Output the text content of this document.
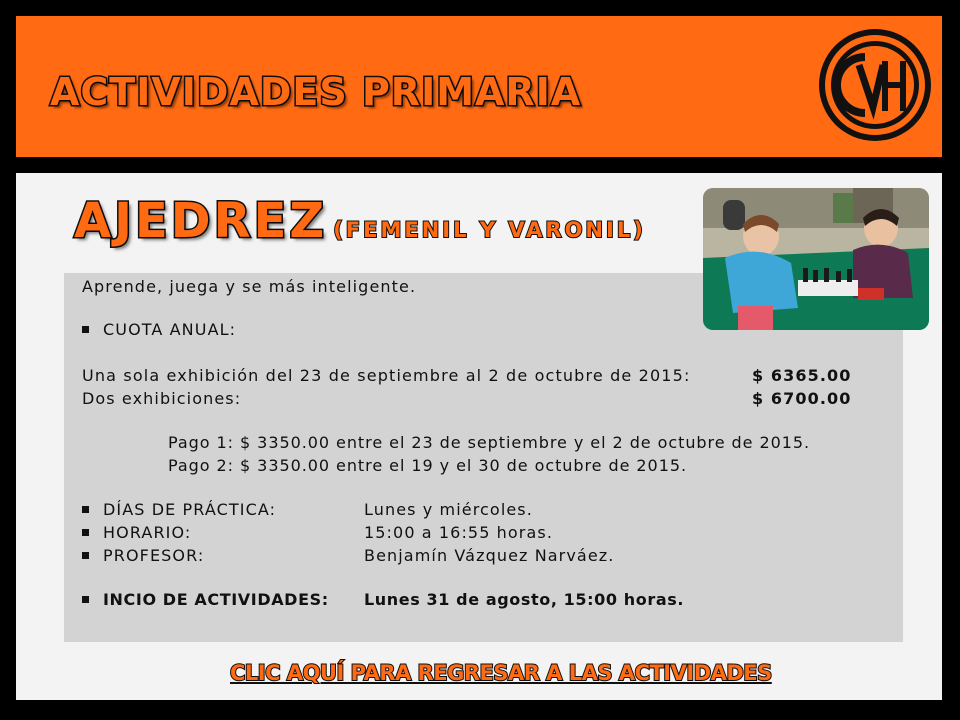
ACTIVIDADES PRIMARIA
AJEDREZ (FEMENIL Y VARONIL)
Aprende, juega y se más inteligente.
CUOTA ANUAL:
Una sola exhibición del 23 de septiembre al 2 de octubre de 2015:	$ 6365.00
Dos exhibiciones:	$ 6700.00
Pago 1: $ 3350.00 entre el 23 de septiembre y el 2 de octubre de 2015.
Pago 2: $ 3350.00 entre el 19 y el 30 de octubre de 2015.
DÍAS DE PRÁCTICA:	Lunes y miércoles.
HORARIO:	15:00 a 16:55 horas.
PROFESOR:	Benjamín Vázquez Narváez.
INCIO DE ACTIVIDADES: Lunes 31 de agosto, 15:00 horas.
CLIC AQUÍ PARA REGRESAR A LAS ACTIVIDADES
